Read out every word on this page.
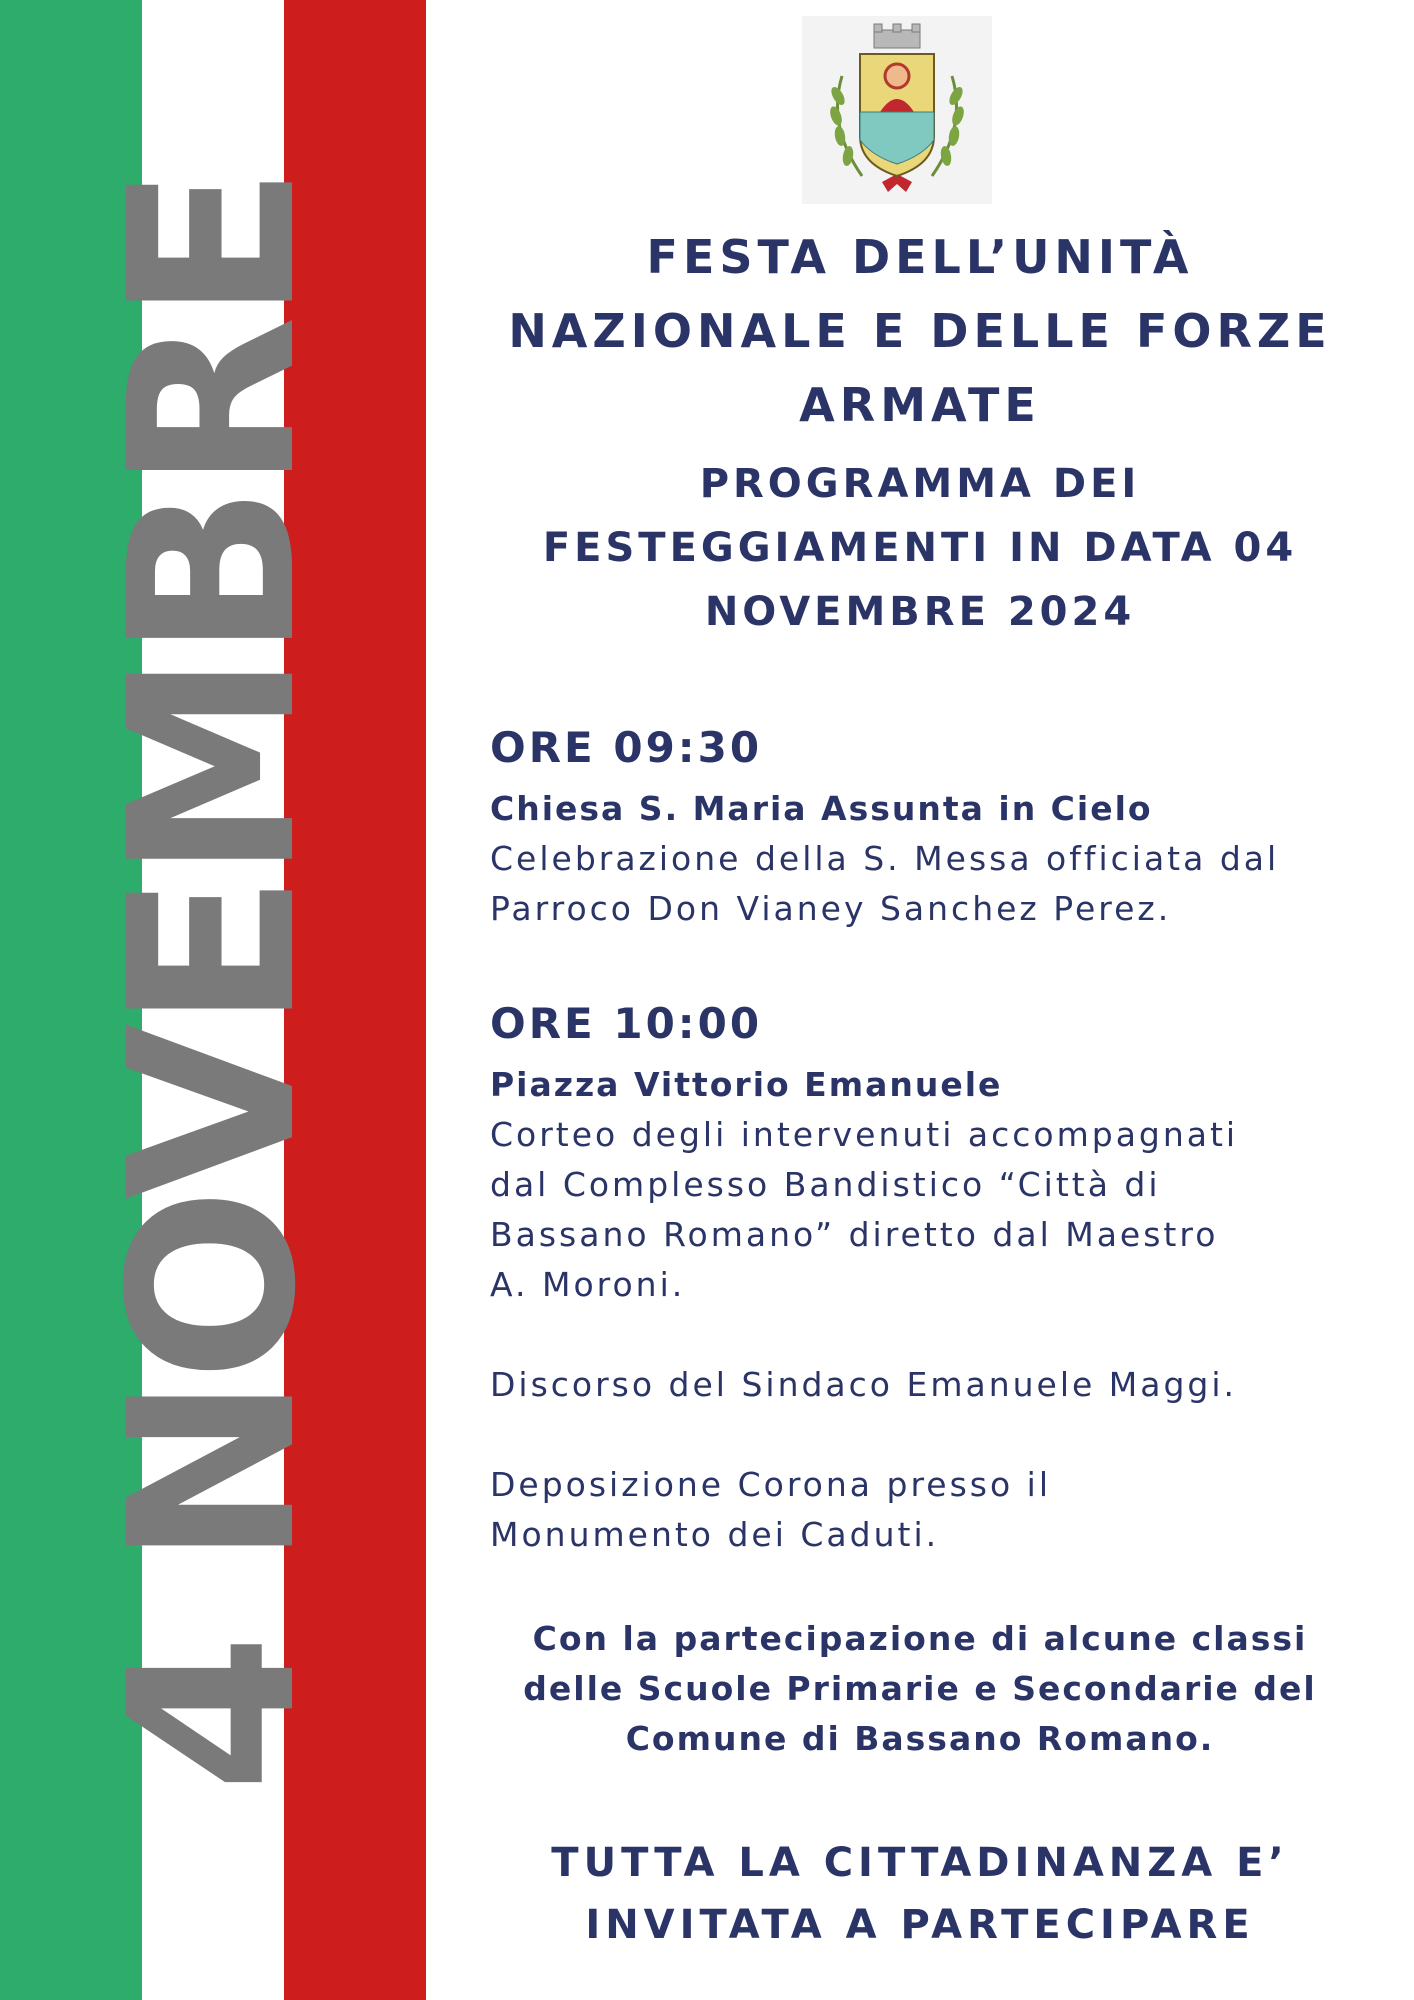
4 NOVEMBRE	FESTA DELL’UNITÀ
NAZIONALE E DELLE FORZE
ARMATE
PROGRAMMA DEI
FESTEGGIAMENTI IN DATA 04
NOVEMBRE 2024
ORE 09:30
Chiesa S. Maria Assunta in Cielo
Celebrazione della S. Messa officiata dal
Parroco Don Vianey Sanchez Perez.
ORE 10:00
Piazza Vittorio Emanuele
Corteo degli intervenuti accompagnati
dal Complesso Bandistico “Città di
Bassano Romano” diretto dal Maestro
A. Moroni.
Discorso del Sindaco Emanuele Maggi.
Deposizione Corona presso il
Monumento dei Caduti.
Con la partecipazione di alcune classi
delle Scuole Primarie e Secondarie del
Comune di Bassano Romano.
TUTTA LA CITTADINANZA E’
INVITATA A PARTECIPARE
